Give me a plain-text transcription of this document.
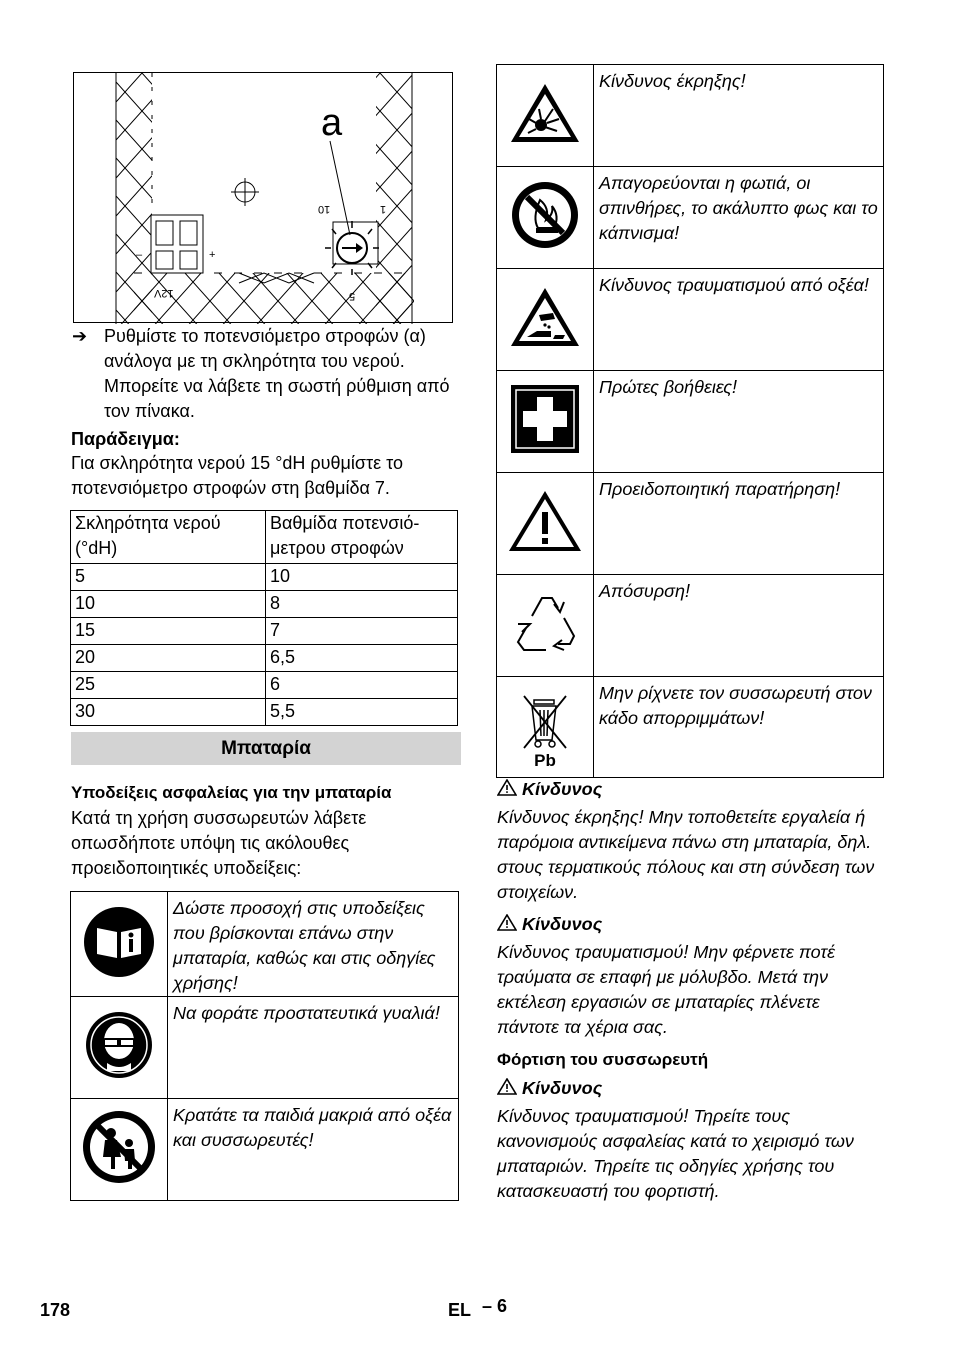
a
10	1
5
12V
+
–
➔ Ρυθμίστε το ποτενσιόμετρο στροφών (α) ανάλογα με τη σκληρότητα του νερού. Μπορείτε να λάβετε τη σωστή ρύθμιση από τον πίνακα.
Παράδειγμα:
Για σκληρότητα νερού 15 °dH ρυθμίστε το ποτενσιόμετρο στροφών στη βαθμίδα 7.
Σκληρότητα νερού (°dH)	Βαθμίδα ποτενσιό-μετρου στροφών
5	10
10	8
15	7
20	6,5
25	6
30	5,5
Μπαταρία
Υποδείξεις ασφαλείας για την μπαταρία
Κατά τη χρήση συσσωρευτών λάβετε οπωσδήποτε υπόψη τις ακόλουθες προειδοποιητικές υποδείξεις:
	Δώστε προσοχή στις υποδείξεις που βρίσκονται επάνω στην μπαταρία, καθώς και στις οδηγίες χρήσης!
	Να φοράτε προστατευτικά γυαλιά!
	Κρατάτε τα παιδιά μακριά από οξέα και συσσωρευτές!
	Κίνδυνος έκρηξης!
	Απαγορεύονται η φωτιά, οι σπινθήρες, το ακάλυπτο φως και το κάπνισμα!
	Κίνδυνος τραυματισμού από οξέα!
	Πρώτες βοήθειες!
	Προειδοποιητική παρατήρηση!
	Απόσυρση!

Pb	Μην ρίχνετε τον συσσωρευτή στον κάδο απορριμμάτων!
Κίνδυνος
Κίνδυνος έκρηξης! Μην τοποθετείτε εργαλεία ή παρόμοια αντικείμενα πάνω στη μπαταρία, δηλ. στους τερματικούς πόλους και στη σύνδεση των στοιχείων.
Κίνδυνος
Κίνδυνος τραυματισμού! Μην φέρνετε ποτέ τραύματα σε επαφή με μόλυβδο. Μετά την εκτέλεση εργασιών σε μπαταρίες πλένετε πάντοτε τα χέρια σας.
Φόρτιση του συσσωρευτή
Κίνδυνος
Κίνδυνος τραυματισμού! Τηρείτε τους κανονισμούς ασφαλείας κατά το χειρισμό των μπαταριών. Τηρείτε τις οδηγίες χρήσης του κατασκευαστή του φορτιστή.
178	EL – 6
